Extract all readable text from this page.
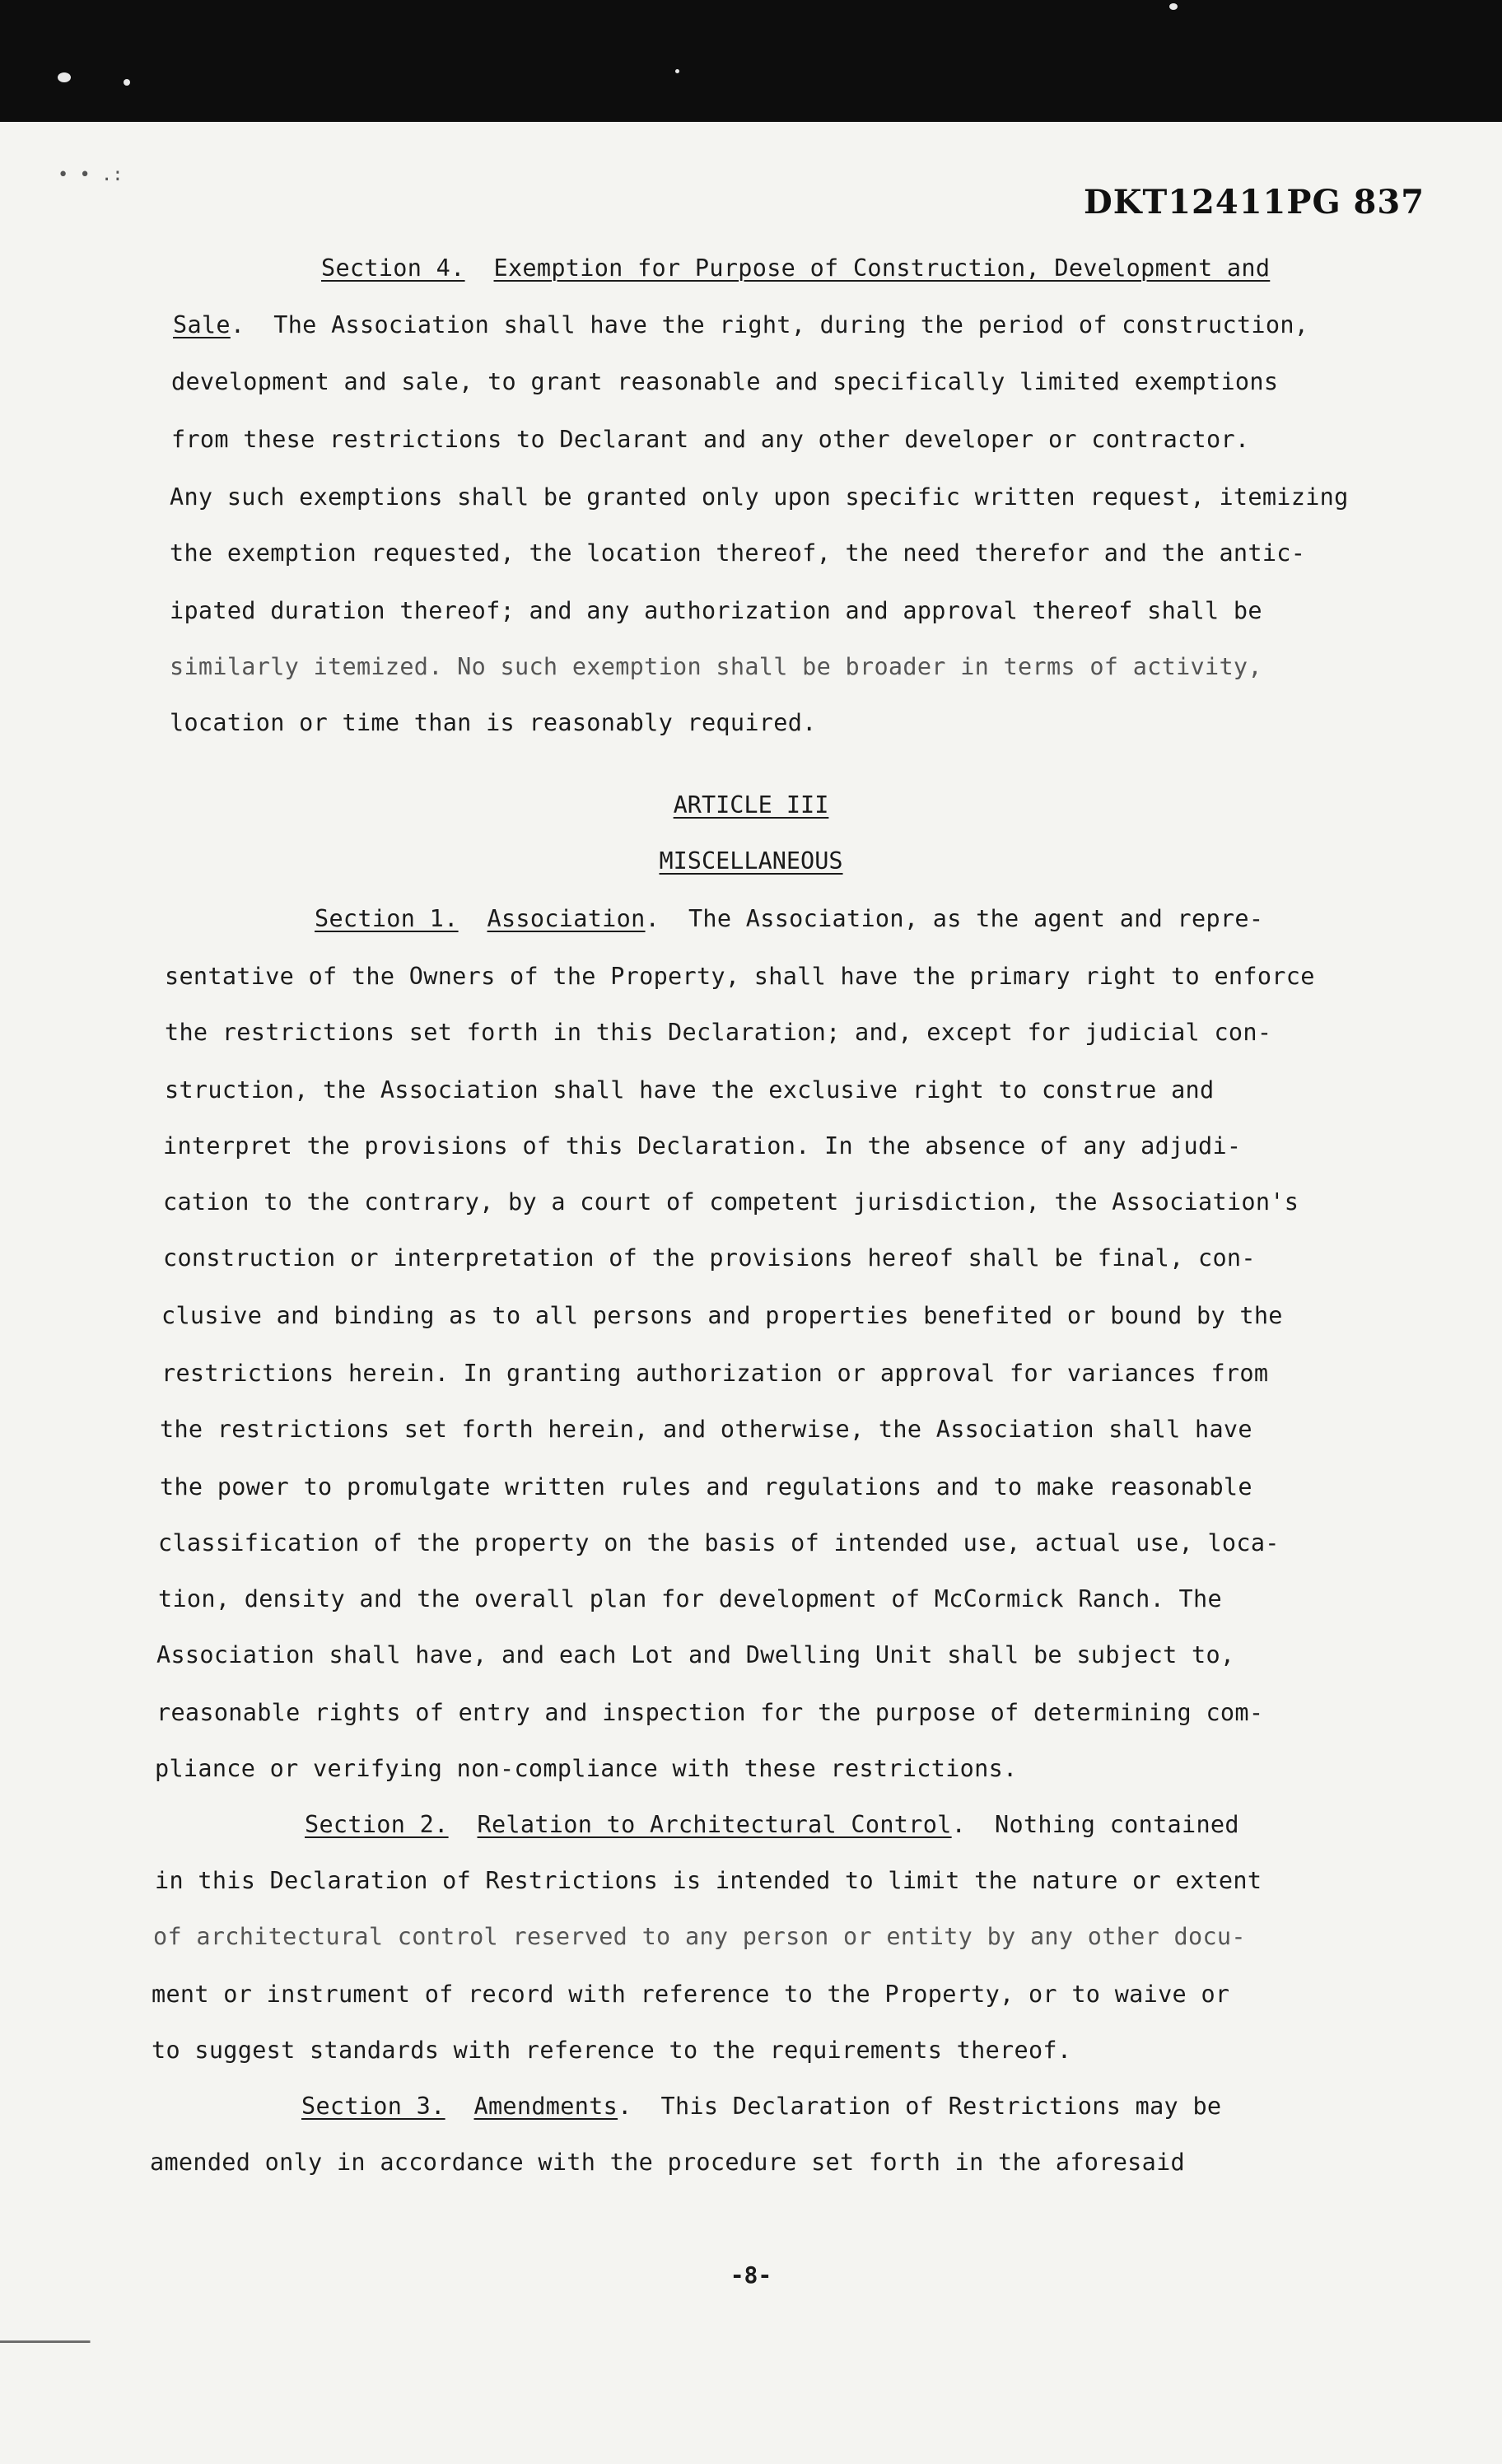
• • .:
DKT12411PG 837
Section 4. Exemption for Purpose of Construction, Development and
Sale.  The Association shall have the right, during the period of construction,
development and sale, to grant reasonable and specifically limited exemptions
from these restrictions to Declarant and any other developer or contractor.
Any such exemptions shall be granted only upon specific written request, itemizing
the exemption requested, the location thereof, the need therefor and the antic-
ipated duration thereof; and any authorization and approval thereof shall be
similarly itemized. No such exemption shall be broader in terms of activity,
location or time than is reasonably required.
ARTICLE III
MISCELLANEOUS
Section 1. Association.  The Association, as the agent and repre-
sentative of the Owners of the Property, shall have the primary right to enforce
the restrictions set forth in this Declaration; and, except for judicial con-
struction, the Association shall have the exclusive right to construe and
interpret the provisions of this Declaration. In the absence of any adjudi-
cation to the contrary, by a court of competent jurisdiction, the Association's
construction or interpretation of the provisions hereof shall be final, con-
clusive and binding as to all persons and properties benefited or bound by the
restrictions herein. In granting authorization or approval for variances from
the restrictions set forth herein, and otherwise, the Association shall have
the power to promulgate written rules and regulations and to make reasonable
classification of the property on the basis of intended use, actual use, loca-
tion, density and the overall plan for development of McCormick Ranch. The
Association shall have, and each Lot and Dwelling Unit shall be subject to,
reasonable rights of entry and inspection for the purpose of determining com-
pliance or verifying non-compliance with these restrictions.
Section 2. Relation to Architectural Control.  Nothing contained
in this Declaration of Restrictions is intended to limit the nature or extent
of architectural control reserved to any person or entity by any other docu-
ment or instrument of record with reference to the Property, or to waive or
to suggest standards with reference to the requirements thereof.
Section 3. Amendments.  This Declaration of Restrictions may be
amended only in accordance with the procedure set forth in the aforesaid
-8-
